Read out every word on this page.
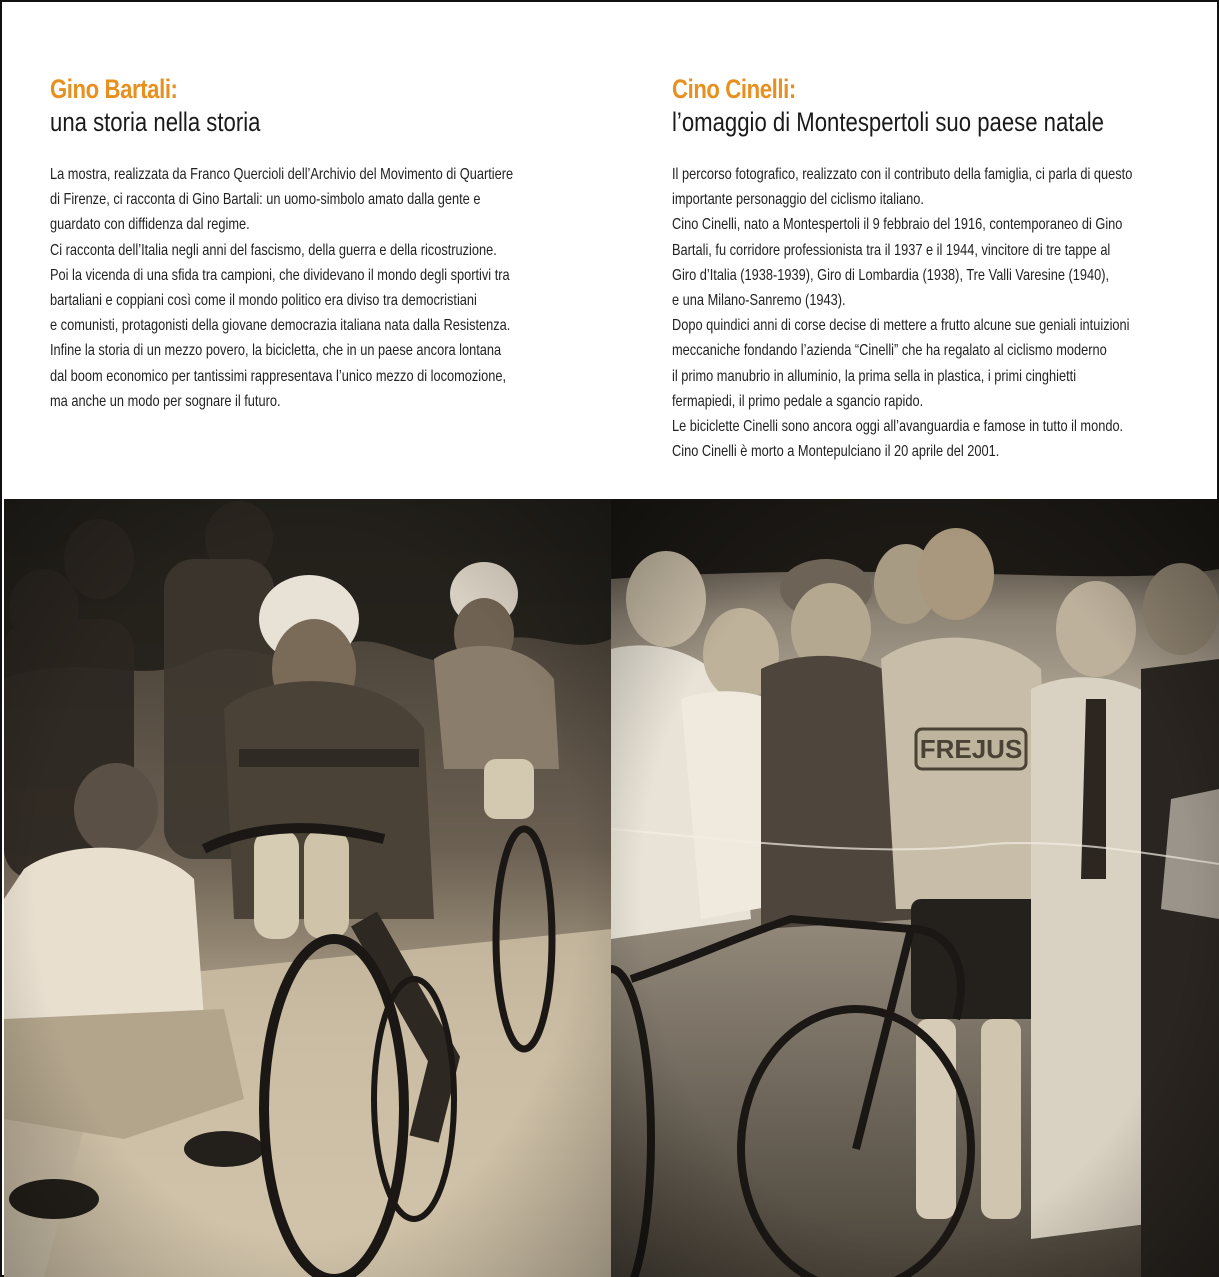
Gino Bartali:
una storia nella storia
La mostra, realizzata da Franco Quercioli dell’Archivio del Movimento di Quartiere
di Firenze, ci racconta di Gino Bartali: un uomo-simbolo amato dalla gente e
guardato con diffidenza dal regime.
Ci racconta dell’Italia negli anni del fascismo, della guerra e della ricostruzione.
Poi la vicenda di una sfida tra campioni, che dividevano il mondo degli sportivi tra
bartaliani e coppiani così come il mondo politico era diviso tra democristiani
e comunisti, protagonisti della giovane democrazia italiana nata dalla Resistenza.
Infine la storia di un mezzo povero, la bicicletta, che in un paese ancora lontana
dal boom economico per tantissimi rappresentava l’unico mezzo di locomozione,
ma anche un modo per sognare il futuro.
Cino Cinelli:
l’omaggio di Montespertoli suo paese natale
Il percorso fotografico, realizzato con il contributo della famiglia, ci parla di questo
importante personaggio del ciclismo italiano.
Cino Cinelli, nato a Montespertoli il 9 febbraio del 1916, contemporaneo di Gino
Bartali, fu corridore professionista tra il 1937 e il 1944, vincitore di tre tappe al
Giro d’Italia (1938-1939), Giro di Lombardia (1938), Tre Valli Varesine (1940),
e una Milano-Sanremo (1943).
Dopo quindici anni di corse decise di mettere a frutto alcune sue geniali intuizioni
meccaniche fondando l’azienda “Cinelli” che ha regalato al ciclismo moderno
il primo manubrio in alluminio, la prima sella in plastica, i primi cinghietti
fermapiedi, il primo pedale a sgancio rapido.
Le biciclette Cinelli sono ancora oggi all’avanguardia e famose in tutto il mondo.
Cino Cinelli è morto a Montepulciano il 20 aprile del 2001.
